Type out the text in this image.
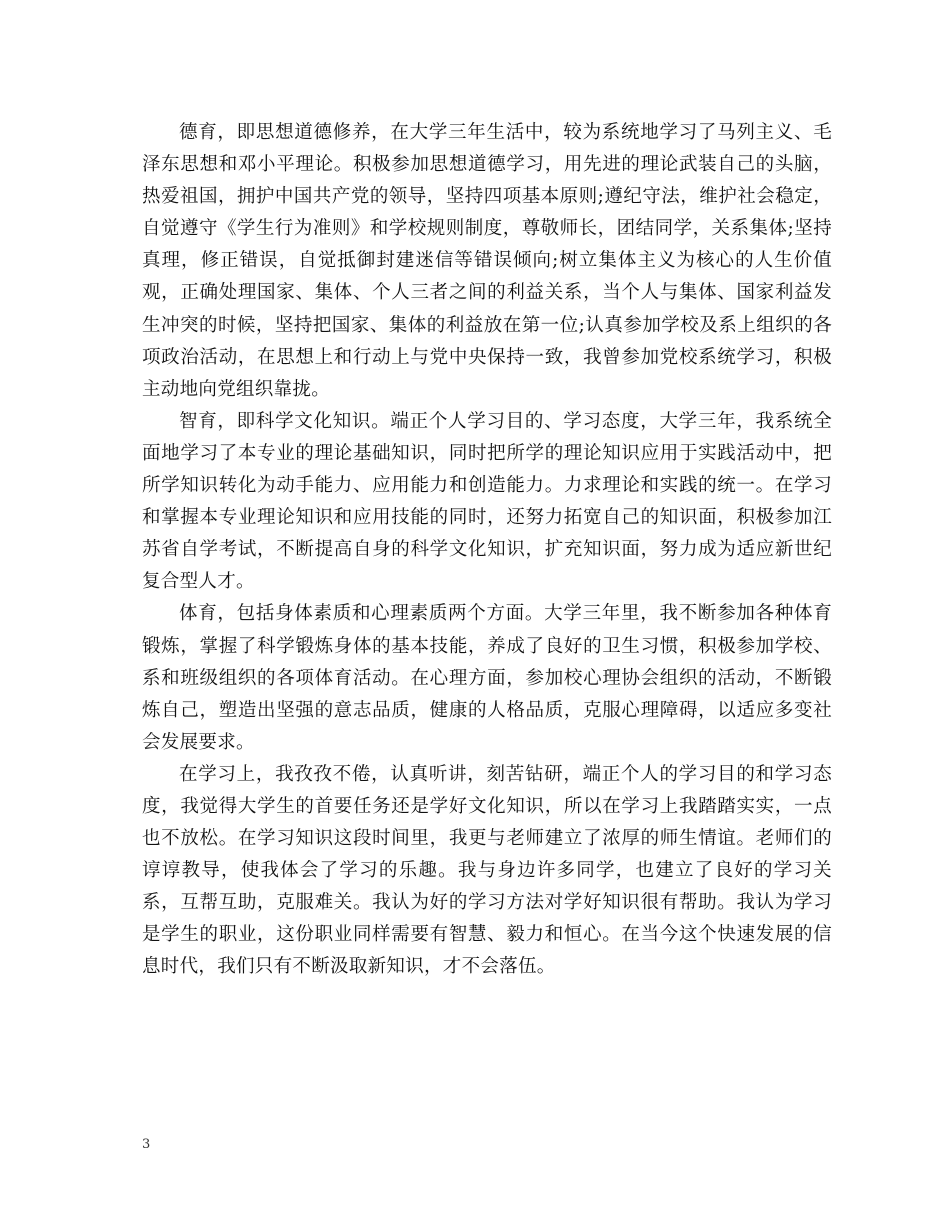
德育，即思想道德修养，在大学三年生活中，较为系统地学习了马列主义、毛泽东思想和邓小平理论。积极参加思想道德学习，用先进的理论武装自己的头脑，热爱祖国，拥护中国共产党的领导，坚持四项基本原则;遵纪守法，维护社会稳定，自觉遵守《学生行为准则》和学校规则制度，尊敬师长，团结同学，关系集体;坚持真理，修正错误，自觉抵御封建迷信等错误倾向;树立集体主义为核心的人生价值观，正确处理国家、集体、个人三者之间的利益关系，当个人与集体、国家利益发生冲突的时候，坚持把国家、集体的利益放在第一位;认真参加学校及系上组织的各项政治活动，在思想上和行动上与党中央保持一致，我曾参加党校系统学习，积极主动地向党组织靠拢。

智育，即科学文化知识。端正个人学习目的、学习态度，大学三年，我系统全面地学习了本专业的理论基础知识，同时把所学的理论知识应用于实践活动中，把所学知识转化为动手能力、应用能力和创造能力。力求理论和实践的统一。在学习和掌握本专业理论知识和应用技能的同时，还努力拓宽自己的知识面，积极参加江苏省自学考试，不断提高自身的科学文化知识，扩充知识面，努力成为适应新世纪复合型人才。

体育，包括身体素质和心理素质两个方面。大学三年里，我不断参加各种体育锻炼，掌握了科学锻炼身体的基本技能，养成了良好的卫生习惯，积极参加学校、系和班级组织的各项体育活动。在心理方面，参加校心理协会组织的活动，不断锻炼自己，塑造出坚强的意志品质，健康的人格品质，克服心理障碍，以适应多变社会发展要求。

在学习上，我孜孜不倦，认真听讲，刻苦钻研，端正个人的学习目的和学习态度，我觉得大学生的首要任务还是学好文化知识，所以在学习上我踏踏实实，一点也不放松。在学习知识这段时间里，我更与老师建立了浓厚的师生情谊。老师们的谆谆教导，使我体会了学习的乐趣。我与身边许多同学，也建立了良好的学习关系，互帮互助，克服难关。我认为好的学习方法对学好知识很有帮助。我认为学习是学生的职业，这份职业同样需要有智慧、毅力和恒心。在当今这个快速发展的信息时代，我们只有不断汲取新知识，才不会落伍。

3
